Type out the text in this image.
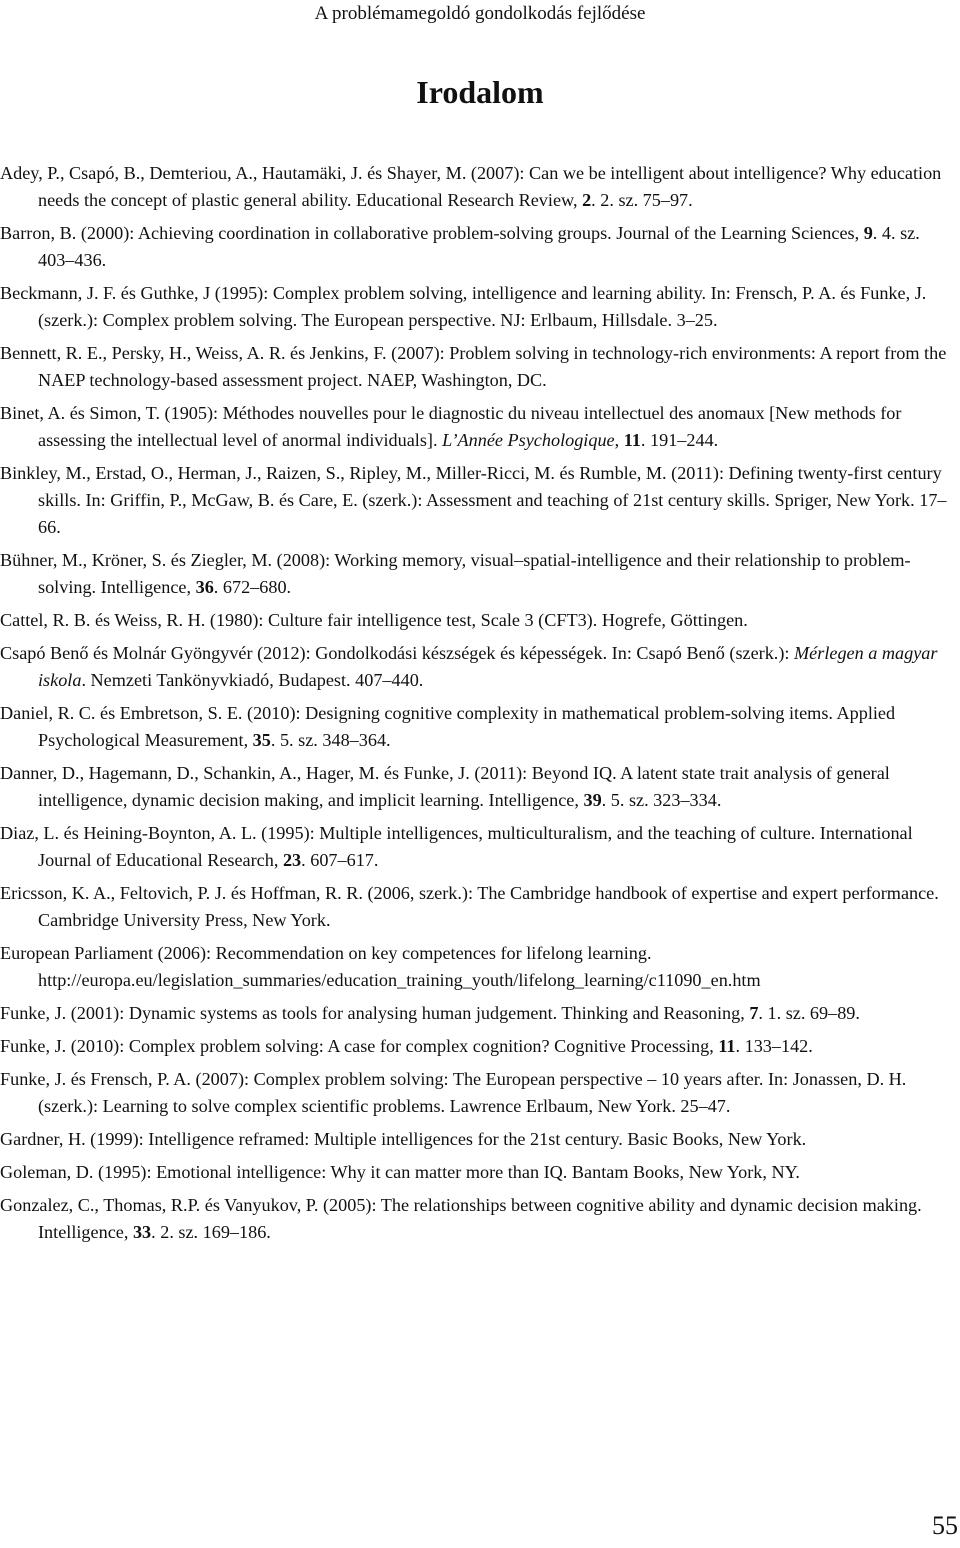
A problémamegoldó gondolkodás fejlődése
Irodalom
Adey, P., Csapó, B., Demteriou, A., Hautamäki, J. és Shayer, M. (2007): Can we be intelligent about intelligence? Why education needs the concept of plastic general ability. Educational Research Review, 2. 2. sz. 75–97.
Barron, B. (2000): Achieving coordination in collaborative problem-solving groups. Journal of the Learning Sciences, 9. 4. sz. 403–436.
Beckmann, J. F. és Guthke, J (1995): Complex problem solving, intelligence and learning ability. In: Frensch, P. A. és Funke, J. (szerk.): Complex problem solving. The European perspective. NJ: Erlbaum, Hillsdale. 3–25.
Bennett, R. E., Persky, H., Weiss, A. R. és Jenkins, F. (2007): Problem solving in technology-rich environments: A report from the NAEP technology-based assessment project. NAEP, Washington, DC.
Binet, A. és Simon, T. (1905): Méthodes nouvelles pour le diagnostic du niveau intellectuel des anomaux [New methods for assessing the intellectual level of anormal individuals]. L’Année Psychologique, 11. 191–244.
Binkley, M., Erstad, O., Herman, J., Raizen, S., Ripley, M., Miller-Ricci, M. és Rumble, M. (2011): Defining twenty-first century skills. In: Griffin, P., McGaw, B. és Care, E. (szerk.): Assessment and teaching of 21st century skills. Spriger, New York. 17–66.
Bühner, M., Kröner, S. és Ziegler, M. (2008): Working memory, visual–spatial-intelligence and their relationship to problem-solving. Intelligence, 36. 672–680.
Cattel, R. B. és Weiss, R. H. (1980): Culture fair intelligence test, Scale 3 (CFT3). Hogrefe, Göttingen.
Csapó Benő és Molnár Gyöngyvér (2012): Gondolkodási készségek és képességek. In: Csapó Benő (szerk.): Mérlegen a magyar iskola. Nemzeti Tankönyvkiadó, Budapest. 407–440.
Daniel, R. C. és Embretson, S. E. (2010): Designing cognitive complexity in mathematical problem-solving items. Applied Psychological Measurement, 35. 5. sz. 348–364.
Danner, D., Hagemann, D., Schankin, A., Hager, M. és Funke, J. (2011): Beyond IQ. A latent state trait analysis of general intelligence, dynamic decision making, and implicit learning. Intelligence, 39. 5. sz. 323–334.
Diaz, L. és Heining-Boynton, A. L. (1995): Multiple intelligences, multiculturalism, and the teaching of culture. International Journal of Educational Research, 23. 607–617.
Ericsson, K. A., Feltovich, P. J. és Hoffman, R. R. (2006, szerk.): The Cambridge handbook of expertise and expert performance. Cambridge University Press, New York.
European Parliament (2006): Recommendation on key competences for lifelong learning. http://europa.eu/legislation_summaries/education_training_youth/lifelong_learning/c11090_en.htm
Funke, J. (2001): Dynamic systems as tools for analysing human judgement. Thinking and Reasoning, 7. 1. sz. 69–89.
Funke, J. (2010): Complex problem solving: A case for complex cognition? Cognitive Processing, 11. 133–142.
Funke, J. és Frensch, P. A. (2007): Complex problem solving: The European perspective – 10 years after. In: Jonassen, D. H. (szerk.): Learning to solve complex scientific problems. Lawrence Erlbaum, New York. 25–47.
Gardner, H. (1999): Intelligence reframed: Multiple intelligences for the 21st century. Basic Books, New York.
Goleman, D. (1995): Emotional intelligence: Why it can matter more than IQ. Bantam Books, New York, NY.
Gonzalez, C., Thomas, R.P. és Vanyukov, P. (2005): The relationships between cognitive ability and dynamic decision making. Intelligence, 33. 2. sz. 169–186.
55
